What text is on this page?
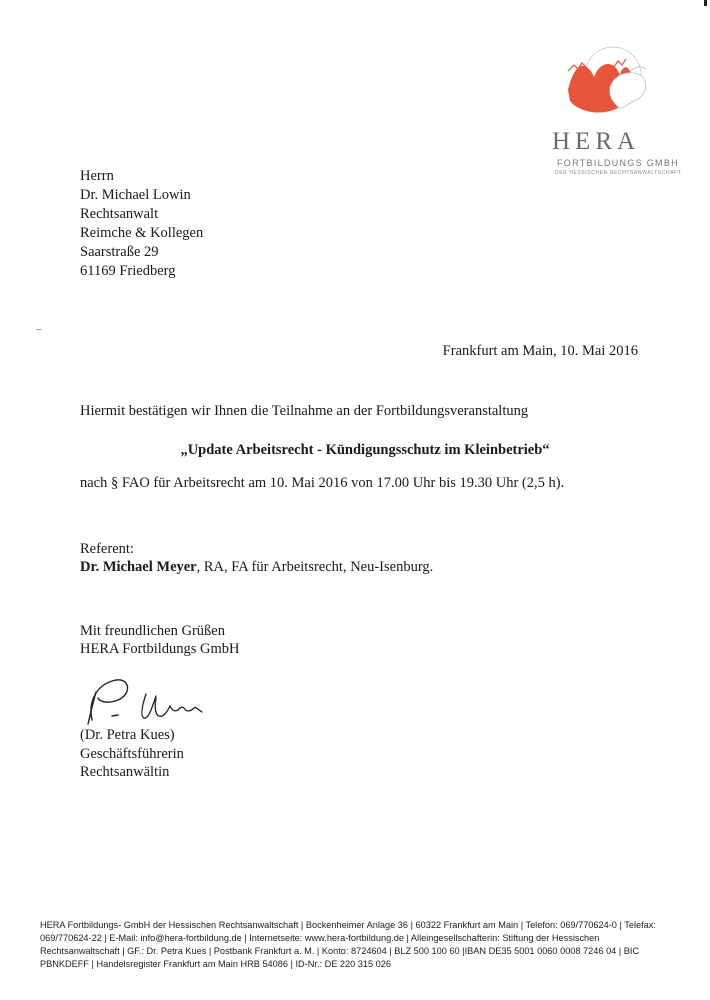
HERA
FORTBILDUNGS GMBH
DER HESSISCHEN RECHTSANWALTSCHAFT
Herrn
Dr. Michael Lowin
Rechtsanwalt
Reimche & Kollegen
Saarstraße 29
61169 Friedberg
–
Frankfurt am Main, 10. Mai 2016
Hiermit bestätigen wir Ihnen die Teilnahme an der Fortbildungsveranstaltung
„Update Arbeitsrecht - Kündigungsschutz im Kleinbetrieb“
nach § FAO für Arbeitsrecht am 10. Mai 2016 von 17.00 Uhr bis 19.30 Uhr (2,5 h).
Referent:
Dr. Michael Meyer, RA, FA für Arbeitsrecht, Neu-Isenburg.
Mit freundlichen Grüßen
HERA Fortbildungs GmbH
(Dr. Petra Kues)
Geschäftsführerin
Rechtsanwältin
HERA Fortbildungs- GmbH der Hessischen Rechtsanwaltschaft | Bockenheimer Anlage 36 | 60322 Frankfurt am Main | Telefon: 069/770624-0 | Telefax: 069/770624-22 | E-Mail: info@hera-fortbildung.de | Internetseite: www.hera-fortbildung.de | Alleingesellschafterin: Stiftung der Hessischen Rechtsanwaltschaft | GF.: Dr. Petra Kues | Postbank Frankfurt a. M. | Konto: 8724604 | BLZ 500 100 60 |IBAN DE35 5001 0060 0008 7246 04 | BIC PBNKDEFF | Handelsregister Frankfurt am Main HRB 54086 | ID-Nr.: DE 220 315 026
